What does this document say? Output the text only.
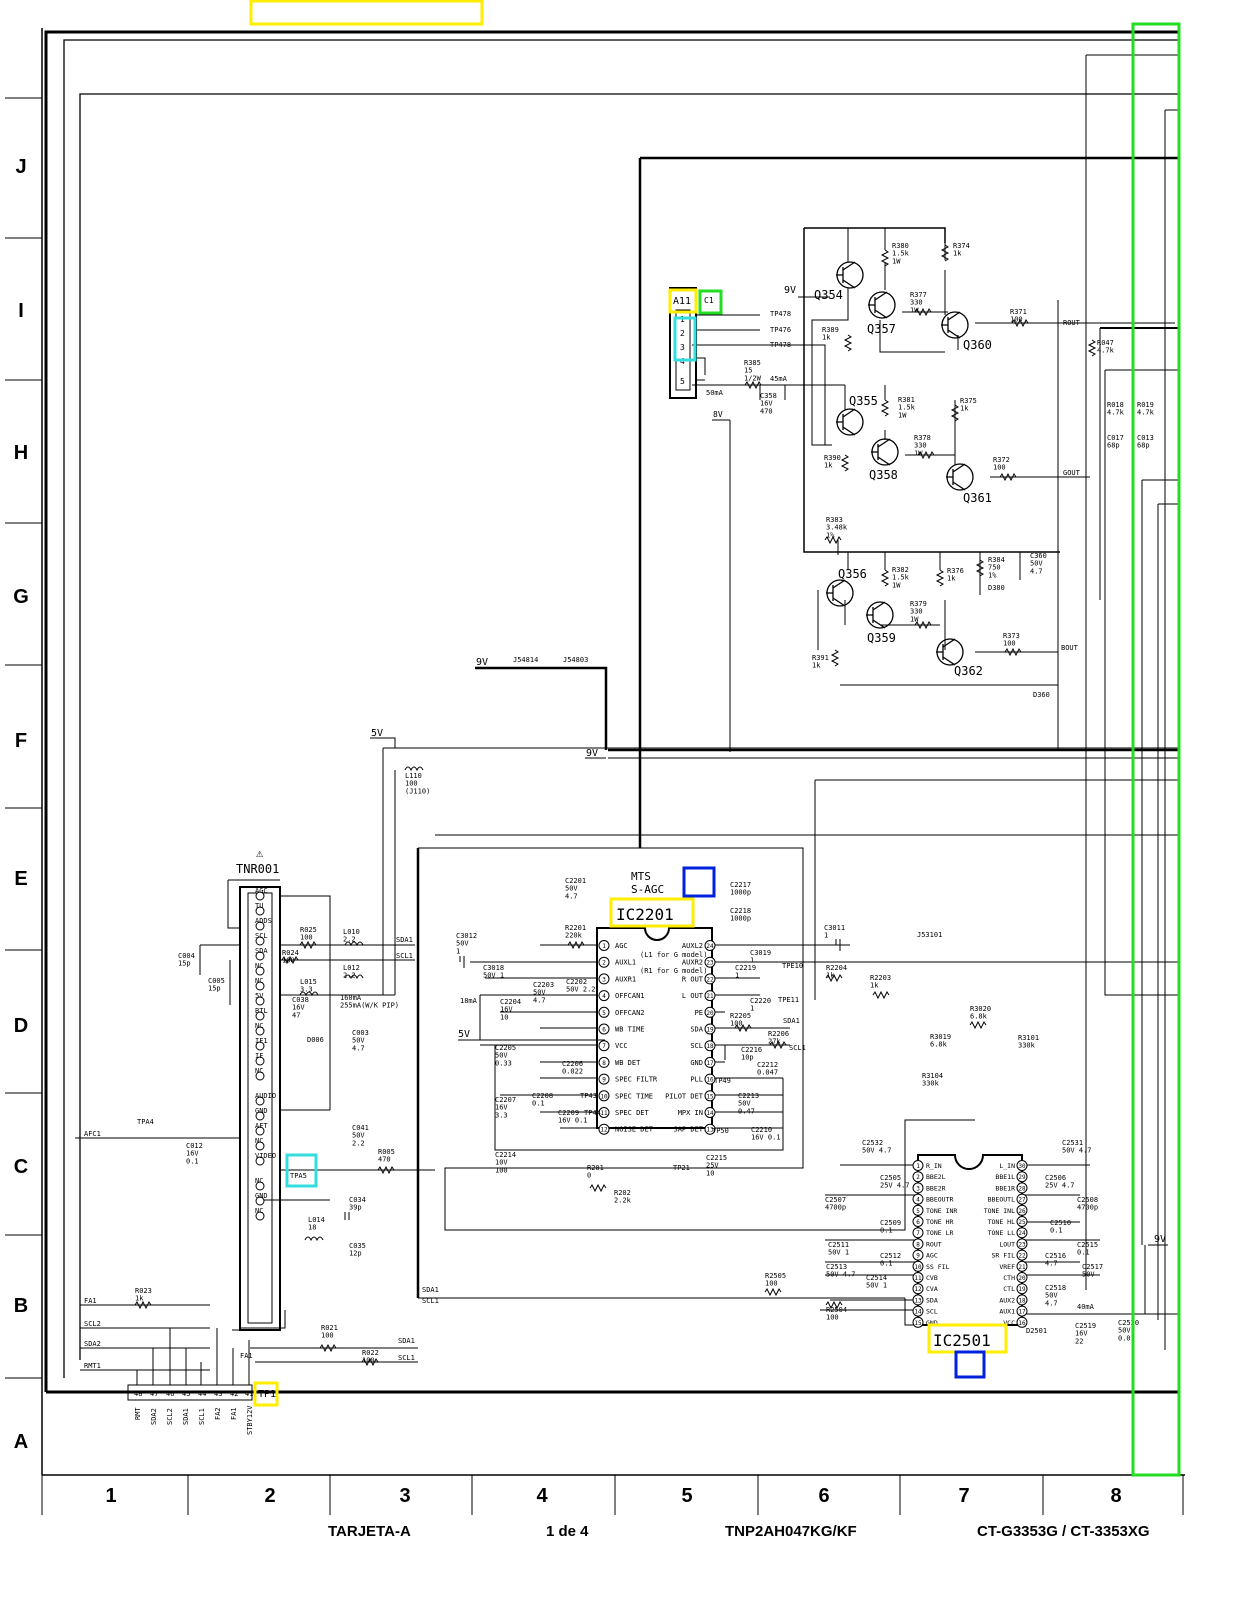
J
I
H
G
F
E
D
C
B
A
1	2	3	4	5	6	7	8
TARJETA-A	1 de 4	TNP2AH047KG/KF	CT-G3353G / CT-3353XG
Q354
Q355
Q356
Q357
Q358
Q359
Q360
Q361
Q362
R380 1.5k 1W
R374 1k
R377 330 1W	R371 100
R389 1k
R385 15 1/2W
C358 16V 470
45mA
50mA
R381 1.5k 1W
R375 1k
R378 330 1W
R372 100
R390 1k
R383 3.48k 1%
R382 1.5k 1W
R376 1k
R384 750 1%
C360 50V 4.7
D380
R379 330 1W
R373 100
R391 1k
D360
R047 4.7k
R018 4.7k
R019 4.7k
C017 68p
C013 68p
TP478
TP476
TP478
ROUT
GOUT
BOUT
A11 C1
1
2
3
4
5
9V
9V
9V
5V
5V
8V
9V
J54814	J54803
TNR001
⚠
AGC
TU
ADDS
SCL
SDA
NC
NC
5V
BTL
NC
IF1
IF
NC
AUDIO
GND
AFT
NC
VIDEO
NC
GND
NC
R025 100
R024 100
L010 2.2
L012 2.2
L015 3.3
C004 15p
C005 15p
C038 16V 47
D006
C003 50V 4.7
160mA 255mA(W/K PIP)
L110 100 (J110)
TPA4
AFC1
C012 16V 0.1
C041 50V 2.2
TPA5
R005 470
C034 39p
C035 12p
L014 18
R023 1k
R021 100
R022 100
FA1
SCL2
SDA2
RMT1
FA1
SDA1
SCL1
SDA1
SCL1
SDA1
SCL1
48 47 46 45 44 43 42 41
RMT SDA2 SCL2 SDA1 SCL1 FA2 FA1 STBY12V
TP1
IC2201
MTS
S-AGC
(L1 for G model)
(R1 for G model)
1 AGC
2 AUXL1
3 AUXR1
4 OFFCAN1
5 OFFCAN2
6 WB TIME
7 VCC
8 WB DET
9 SPEC FILTR
10 SPEC TIME
11 SPEC DET
12 NOISE DET
24
AUXL2
23
AUXR2
22
R OUT
21
L OUT
20
PE
19
SDA
18
SCL
17
GND
16
PLL
15
PILOT DET
14
MPX IN
13
SAP DET
C2201 50V 4.7
R2201 220k
C2217 1000p
C2218 1000p
C3019 1
C2219 1
C2220 1
TPE10
TPE11
C3011 1	J53101
R2204 1k	R2203 1k
R3020 6.8k
R3019 6.8k
R3101 330k
R3104 330k
C3012 50V 1
C3018 50V 1
C2203 50V 4.7
C2202 50V 2.2
C2204 16V 10
C2205 50V 0.33	C2206 0.022
C2207 16V 3.3
C2208 0.1
C2209 16V 0.1
C2214 10V 100
C2215 25V 10
C2216 10p
C2212 0.047
C2213 50V 0.47
C2210 16V 0.1
R2205 100
R2206 27k
R201 0
R202 2.2k
TP43
TP44
TP49
TP50
TP21
18mA
SDA1
SCL1
IC2501
1 R_IN
2 BBE2L
3 BBE2R
4 BBEOUTR
5 TONE INR
6 TONE HR
7 TONE LR
8 ROUT
9 AGC
10 SS FIL
11 CVB
12 CVA
13 SDA
14 SCL
15 GND
30
L_IN
29
BBE1L
28
BBE1R
27
BBEOUTL
26
TONE INL
25
TONE HL
24
TONE LL
23
LOUT
22
SR FIL
21
VREF
20
CTH
19
CTL
18
AUX2
17
AUX1
16
VCC
C2532 50V 4.7
C2531 50V 4.7
C2505 25V 4.7
C2506 25V 4.7
C2507 4700p
C2508 4700p
C2509 0.1
C2510 0.1
C2511 50V 1	C2512 0.1
C2513 50V 4.7 C2514 50V 1
C2515 0.1
C2516 4.7	C2517 50V
C2518 50V 4.7
C2519 16V 22
C2520 50V 0.0
R2505 100
R2504 100
D2501
40mA
